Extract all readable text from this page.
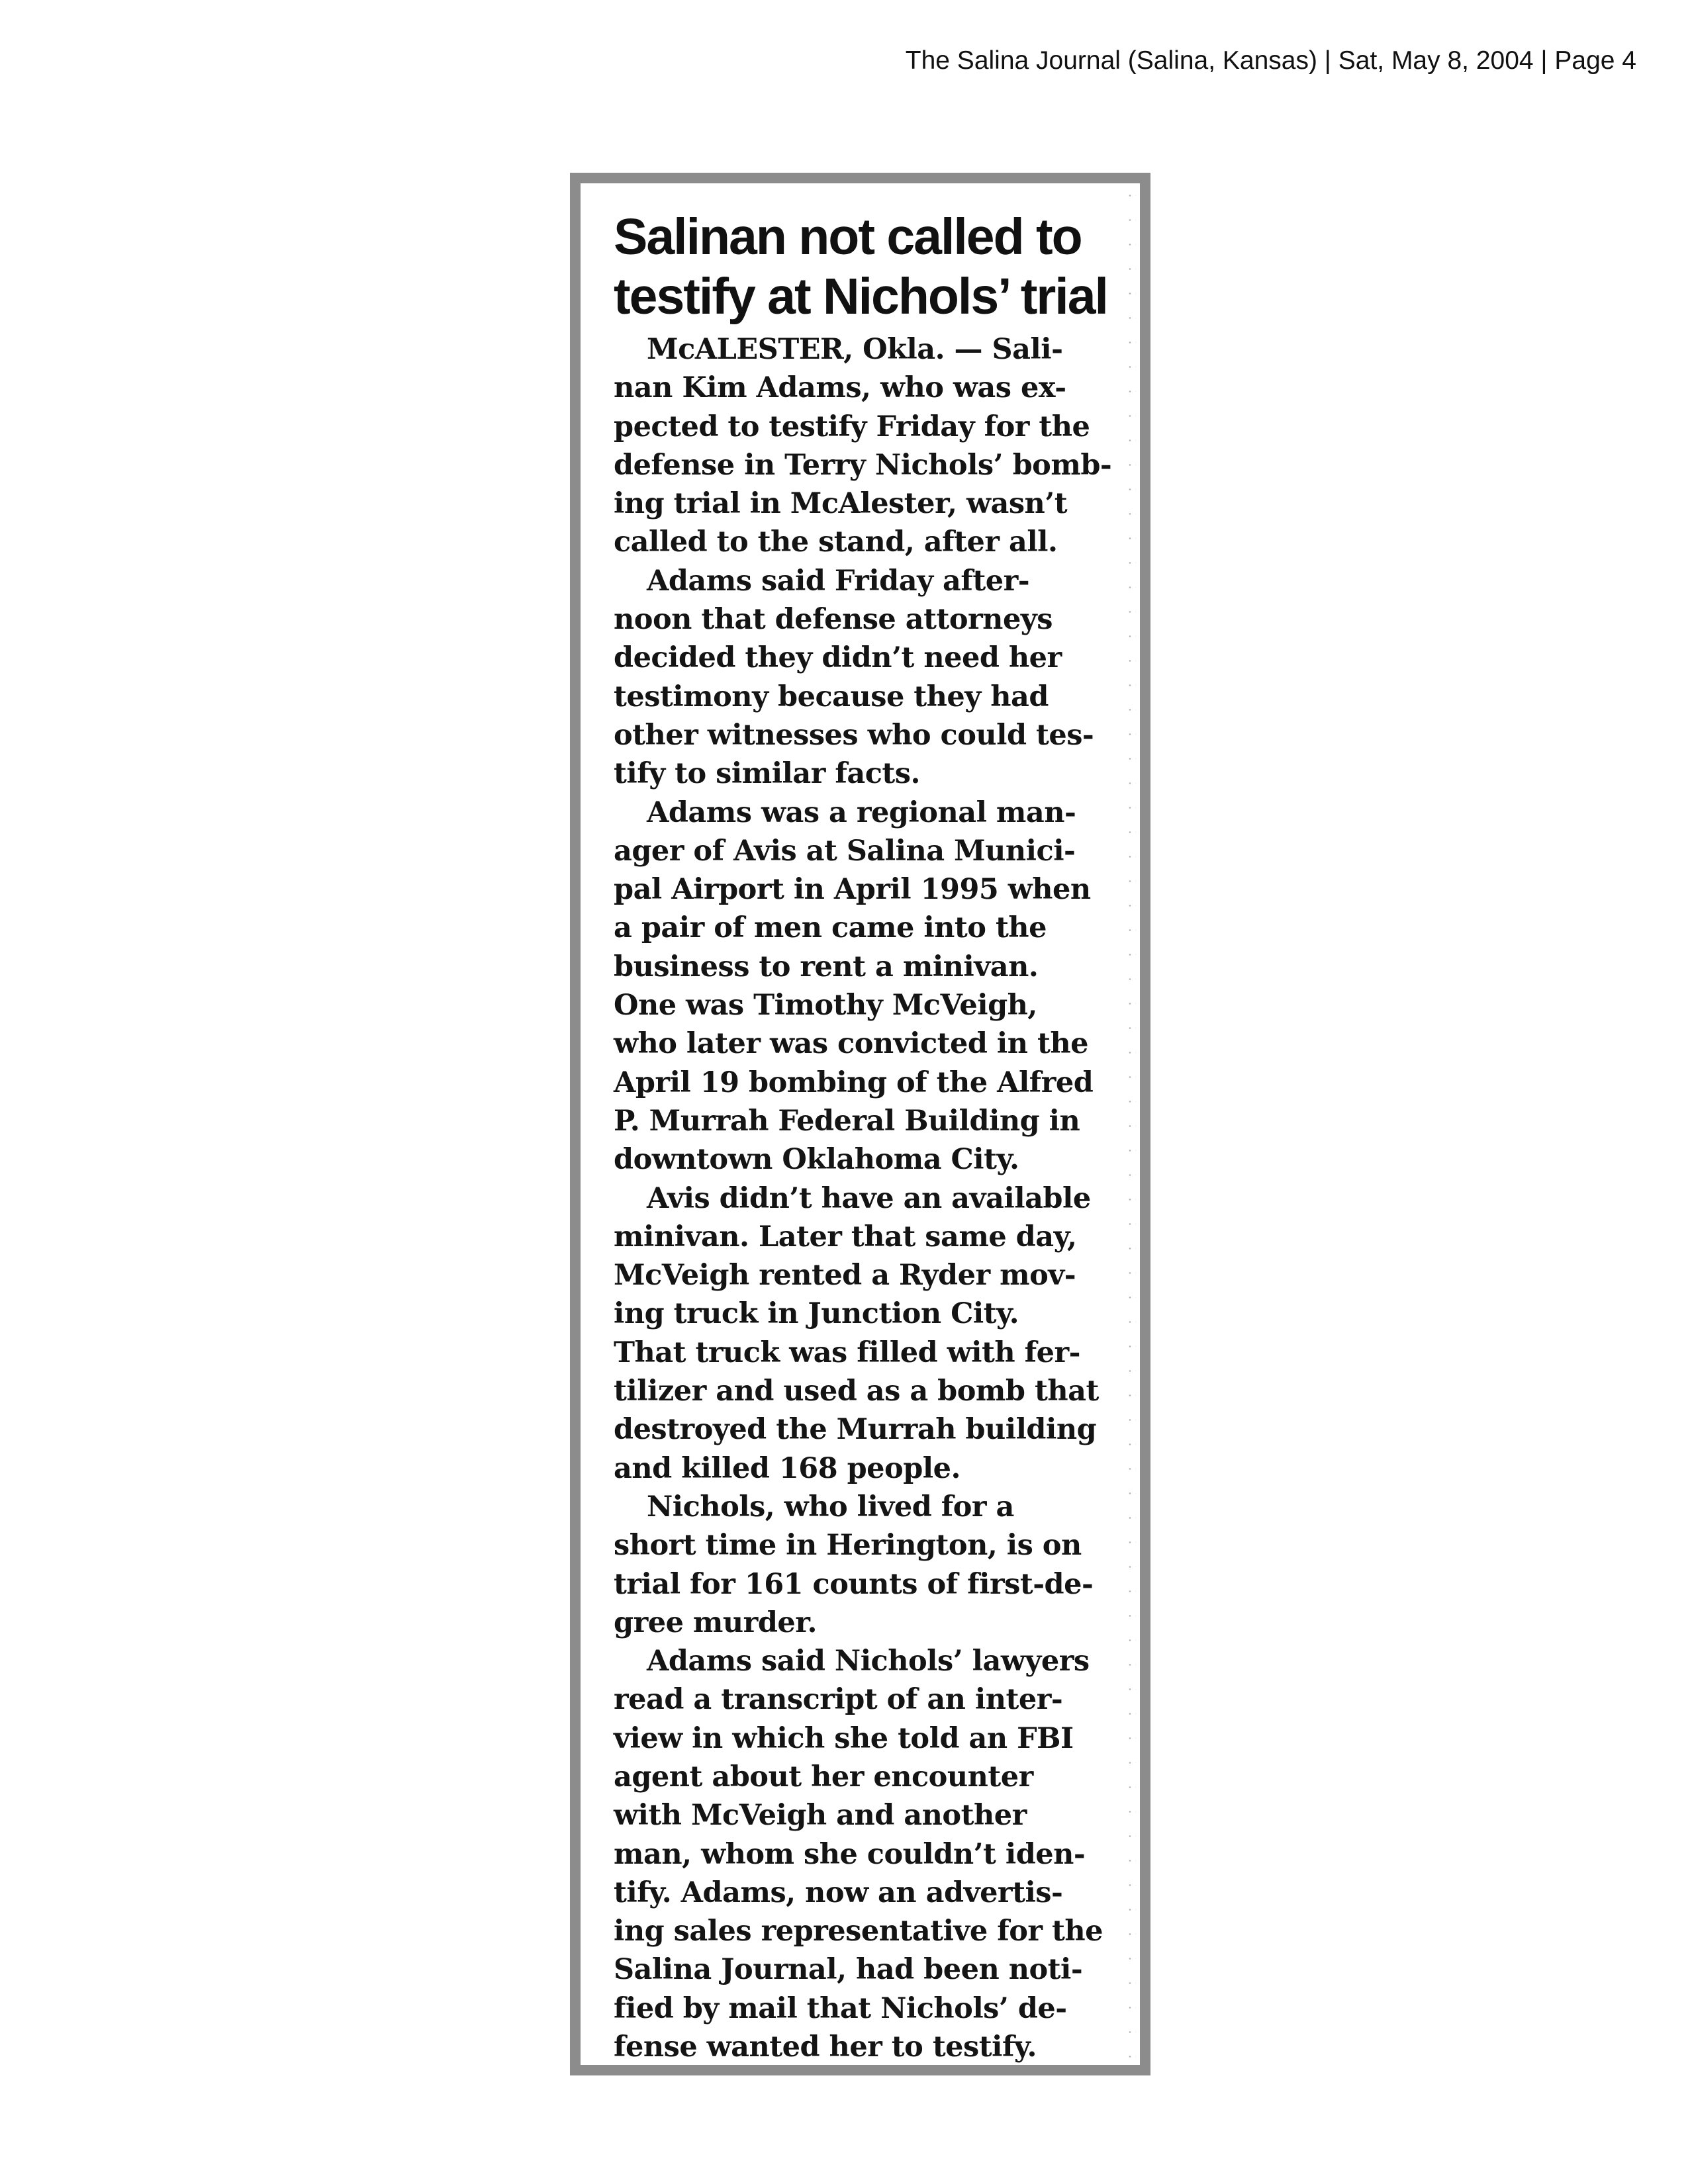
The Salina Journal (Salina, Kansas) | Sat, May 8, 2004 | Page 4
Salinan not called to
testify at Nichols’ trial

McALESTER, Okla. — Sali-
nan Kim Adams, who was ex-
pected to testify Friday for the
defense in Terry Nichols’ bomb-
ing trial in McAlester, wasn’t
called to the stand, after all.

Adams said Friday after-
noon that defense attorneys
decided they didn’t need her
testimony because they had
other witnesses who could tes-
tify to similar facts.

Adams was a regional man-
ager of Avis at Salina Munici-
pal Airport in April 1995 when
a pair of men came into the
business to rent a minivan.
One was Timothy McVeigh,
who later was convicted in the
April 19 bombing of the Alfred
P. Murrah Federal Building in
downtown Oklahoma City.

Avis didn’t have an available
minivan. Later that same day,
McVeigh rented a Ryder mov-
ing truck in Junction City.
That truck was filled with fer-
tilizer and used as a bomb that
destroyed the Murrah building
and killed 168 people.

Nichols, who lived for a
short time in Herington, is on
trial for 161 counts of first-de-
gree murder.

Adams said Nichols’ lawyers
read a transcript of an inter-
view in which she told an FBI
agent about her encounter
with McVeigh and another
man, whom she couldn’t iden-
tify. Adams, now an advertis-
ing sales representative for the
Salina Journal, had been noti-
fied by mail that Nichols’ de-
fense wanted her to testify.
